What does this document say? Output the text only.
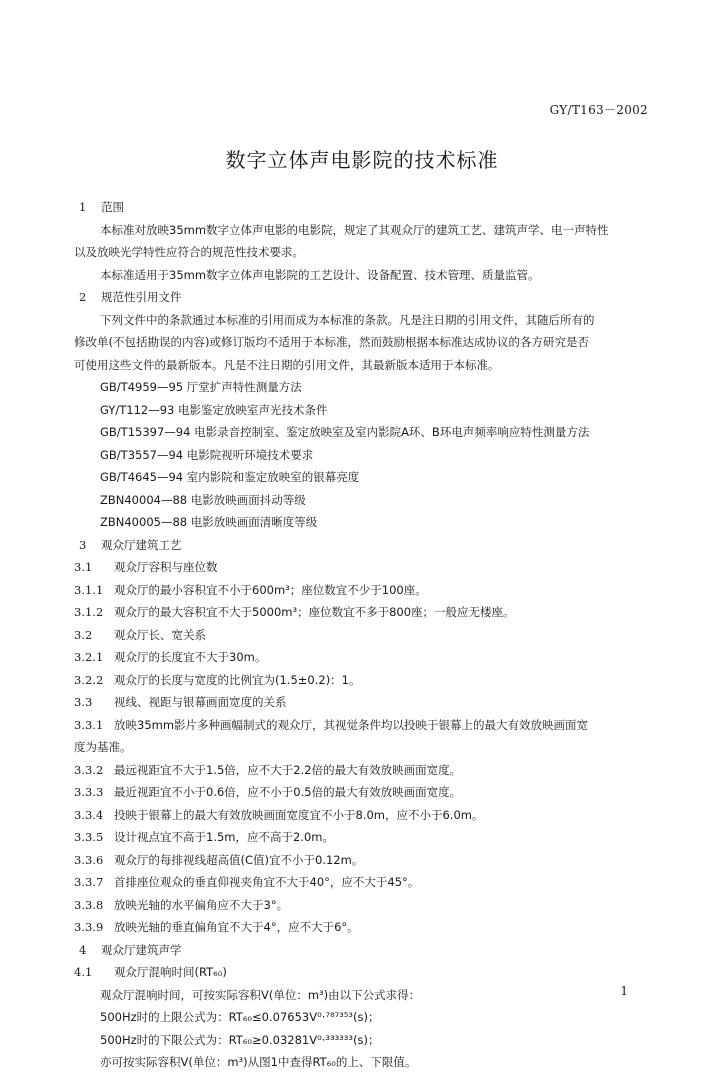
GY/T163－2002
数字立体声电影院的技术标准

1 范围

本标准对放映35mm数字立体声电影的电影院，规定了其观众厅的建筑工艺、建筑声学、电一声特性

以及放映光学特性应符合的规范性技术要求。

本标准适用于35mm数字立体声电影院的工艺设计、设备配置、技术管理、质量监管。

2 规范性引用文件

下列文件中的条款通过本标准的引用而成为本标准的条款。凡是注日期的引用文件，其随后所有的

修改单(不包括勘误的内容)或修订版均不适用于本标准，然而鼓励根据本标准达成协议的各方研究是否

可使用这些文件的最新版本。凡是不注日期的引用文件，其最新版本适用于本标准。

GB/T4959—95 厅堂扩声特性测量方法

GY/T112—93 电影鉴定放映室声光技术条件

GB/T15397—94 电影录音控制室、鉴定放映室及室内影院A环、B环电声频率响应特性测量方法

GB/T3557—94 电影院视听环境技术要求

GB/T4645—94 室内影院和鉴定放映室的银幕亮度

ZBN40004—88 电影放映画面抖动等级

ZBN40005—88 电影放映画面清晰度等级

3 观众厅建筑工艺

3.1 观众厅容积与座位数

3.1.1 观众厅的最小容积宜不小于600m³；座位数宜不少于100座。

3.1.2 观众厅的最大容积宜不大于5000m³；座位数宜不多于800座；一般应无楼座。

3.2 观众厅长、宽关系

3.2.1 观众厅的长度宜不大于30m。

3.2.2 观众厅的长度与宽度的比例宜为(1.5±0.2)：1。

3.3 视线、视距与银幕画面宽度的关系

3.3.1 放映35mm影片多种画幅制式的观众厅，其视觉条件均以投映于银幕上的最大有效放映画面宽

度为基准。

3.3.2 最远视距宜不大于1.5倍，应不大于2.2倍的最大有效放映画面宽度。

3.3.3 最近视距宜不小于0.6倍，应不小于0.5倍的最大有效放映画面宽度。

3.3.4 投映于银幕上的最大有效放映画面宽度宜不小于8.0m，应不小于6.0m。

3.3.5 设计视点宜不高于1.5m，应不高于2.0m。

3.3.6 观众厅的每排视线超高值(C值)宜不小于0.12m。

3.3.7 首排座位观众的垂直仰视夹角宜不大于40°，应不大于45°。

3.3.8 放映光轴的水平偏角应不大于3°。

3.3.9 放映光轴的垂直偏角宜不大于4°，应不大于6°。

4 观众厅建筑声学

4.1 观众厅混响时间(RT₆₀)

观众厅混响时间，可按实际容积V(单位：m³)由以下公式求得：

500Hz时的上限公式为：RT₆₀≤0.07653V⁰·⁷⁸⁷³⁵³(s)；

500Hz时的下限公式为：RT₆₀≥0.03281V⁰·³³³³³³(s)；

亦可按实际容积V(单位：m³)从图1中查得RT₆₀的上、下限值。

1
